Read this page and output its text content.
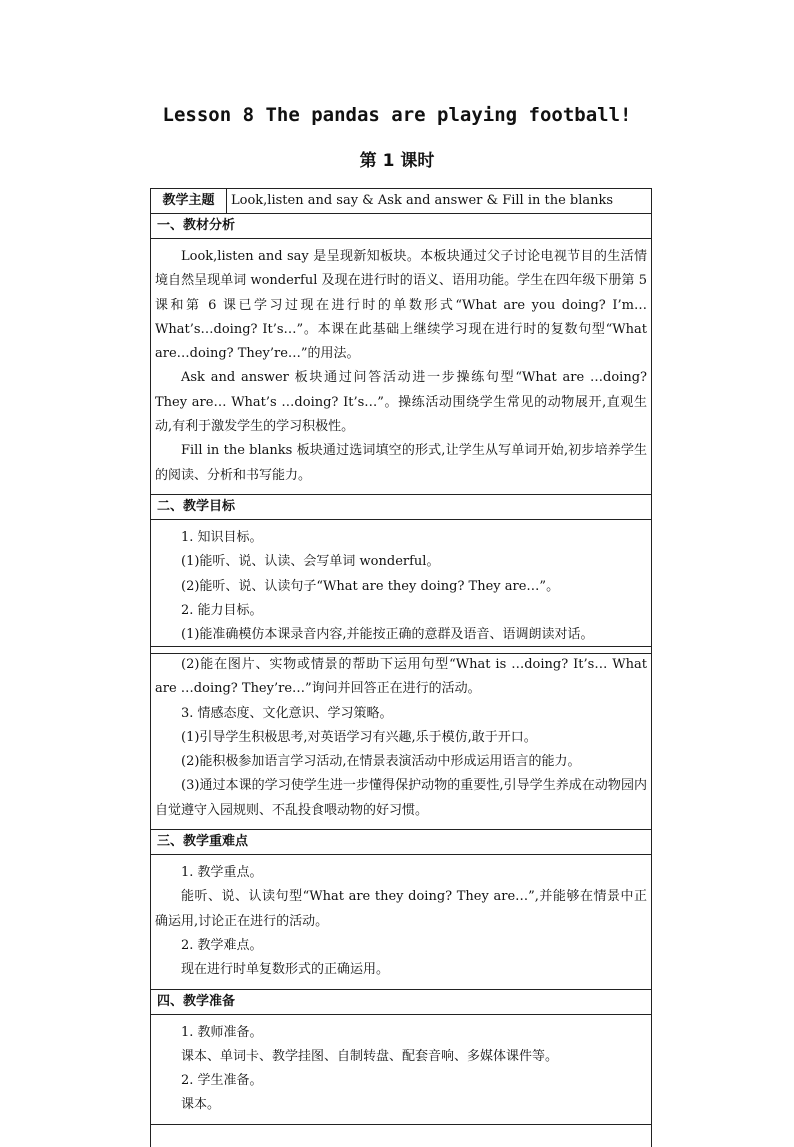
Lesson 8 The pandas are playing football!
第 1 课时
教学主题	Look,listen and say & Ask and answer & Fill in the blanks
一、教材分析

Look,listen and say 是呈现新知板块。本板块通过父子讨论电视节目的生活情境自然呈现单词 wonderful 及现在进行时的语义、语用功能。学生在四年级下册第 5 课和第 6 课已学习过现在进行时的单数形式“What are you doing? I’m… What’s…doing? It’s…”。本课在此基础上继续学习现在进行时的复数句型“What are…doing? They’re…”的用法。

Ask and answer 板块通过问答活动进一步操练句型“What are …doing? They are… What’s …doing? It’s…”。操练活动围绕学生常见的动物展开,直观生动,有利于激发学生的学习积极性。

Fill in the blanks 板块通过选词填空的形式,让学生从写单词开始,初步培养学生的阅读、分析和书写能力。

二、教学目标

1. 知识目标。

(1)能听、说、认读、会写单词 wonderful。

(2)能听、说、认读句子“What are they doing? They are…”。

2. 能力目标。

(1)能准确模仿本课录音内容,并能按正确的意群及语音、语调朗读对话。

(2)能在图片、实物或情景的帮助下运用句型“What is …doing? It’s… What are …doing? They’re…”询问并回答正在进行的活动。

3. 情感态度、文化意识、学习策略。

(1)引导学生积极思考,对英语学习有兴趣,乐于模仿,敢于开口。

(2)能积极参加语言学习活动,在情景表演活动中形成运用语言的能力。

(3)通过本课的学习使学生进一步懂得保护动物的重要性,引导学生养成在动物园内自觉遵守入园规则、不乱投食喂动物的好习惯。

三、教学重难点

1. 教学重点。

能听、说、认读句型“What are they doing? They are…”,并能够在情景中正确运用,讨论正在进行的活动。

2. 教学难点。

现在进行时单复数形式的正确运用。

四、教学准备

1. 教师准备。

课本、单词卡、教学挂图、自制转盘、配套音响、多媒体课件等。

2. 学生准备。

课本。
